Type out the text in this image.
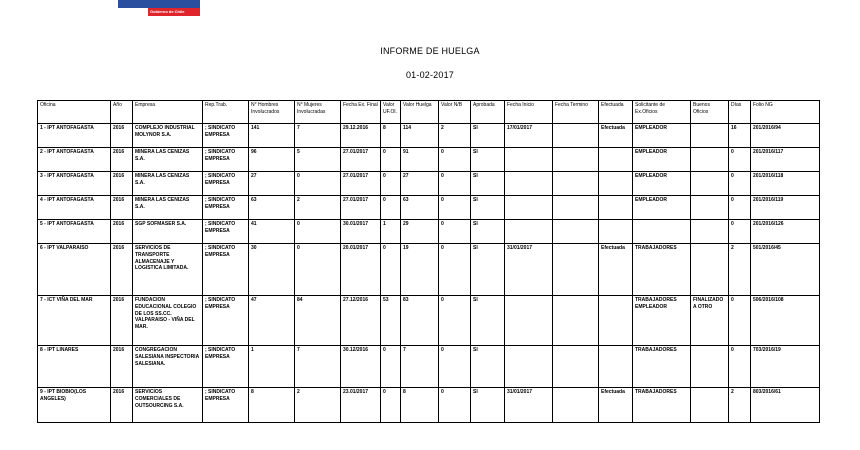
Gobierno de Chile
INFORME DE HUELGA
01-02-2017
Oficina	Año	Empresa	Rep.Trab.	N° Hombres Involucrados	N° Mujeres Involucradas	Fecha Ex. Final	Valor UF.Ol.	Valor Huelga	Valor N/B	Aprobada	Fecha Inicio	Fecha Termino	Efectuada	Solicitante de Ex.Oficios	Buenos Oficios	Días	Folio NG
1 - IPT ANTOFAGASTA	2016	COMPLEJO INDUSTRIAL MOLYNOR S.A.	; SINDICATO EMPRESA	141	7	29.12.2016	8	114	2	SI	17/01/2017		Efectuada	EMPLEADOR		16	201/2016/94
2 - IPT ANTOFAGASTA	2016	MINERA LAS CENIZAS S.A.	; SINDICATO EMPRESA	96	5	27.01/2017	0	91	0	SI				EMPLEADOR		0	201/2016/117
3 - IPT ANTOFAGASTA	2016	MINERA LAS CENIZAS S.A.	; SINDICATO EMPRESA	27	0	27.01/2017	0	27	0	SI				EMPLEADOR		0	201/2016/118
4 - IPT ANTOFAGASTA	2016	MINERA LAS CENIZAS S.A.	; SINDICATO EMPRESA	63	2	27.01/2017	0	63	0	SI				EMPLEADOR		0	201/2016/119
5 - IPT ANTOFAGASTA	2016	SGP SOFMASER S.A.	; SINDICATO EMPRESA	41	0	30.01/2017	1	29	0	SI						0	201/2016/126
6 - IPT VALPARAISO	2016	SERVICIOS DE TRANSPORTE ALMACENAJE Y LOGISTICA LIMITADA.	; SINDICATO EMPRESA	30	0	20.01/2017	0	19	0	SI	31/01/2017		Efectuada	TRABAJADORES		2	501/2016/45
7 - ICT VIÑA DEL MAR	2016	FUNDACION EDUCACIONAL COLEGIO DE LOS SS.CC. VALPARAISO - VIÑA DEL MAR.	; SINDICATO EMPRESA	47	84	27.12/2016	53	83	0	SI				TRABAJADORES EMPLEADOR	FINALIZADO A OTRO	0	506/2016/108
8 - IPT LINARES	2016	CONGREGACION SALESIANA INSPECTORIA SALESIANA.	; SINDICATO EMPRESA	1	7	30.12/2016	0	7	0	SI				TRABAJADORES		0	703/2016/19
9 - IPT BIOBIO(LOS ANGELES)	2016	SERVICIOS COMERCIALES DE OUTSOURCING S.A.	; SINDICATO EMPRESA	8	2	23.01/2017	0	8	0	SI	31/01/2017		Efectuada	TRABAJADORES		2	803/2016/61
